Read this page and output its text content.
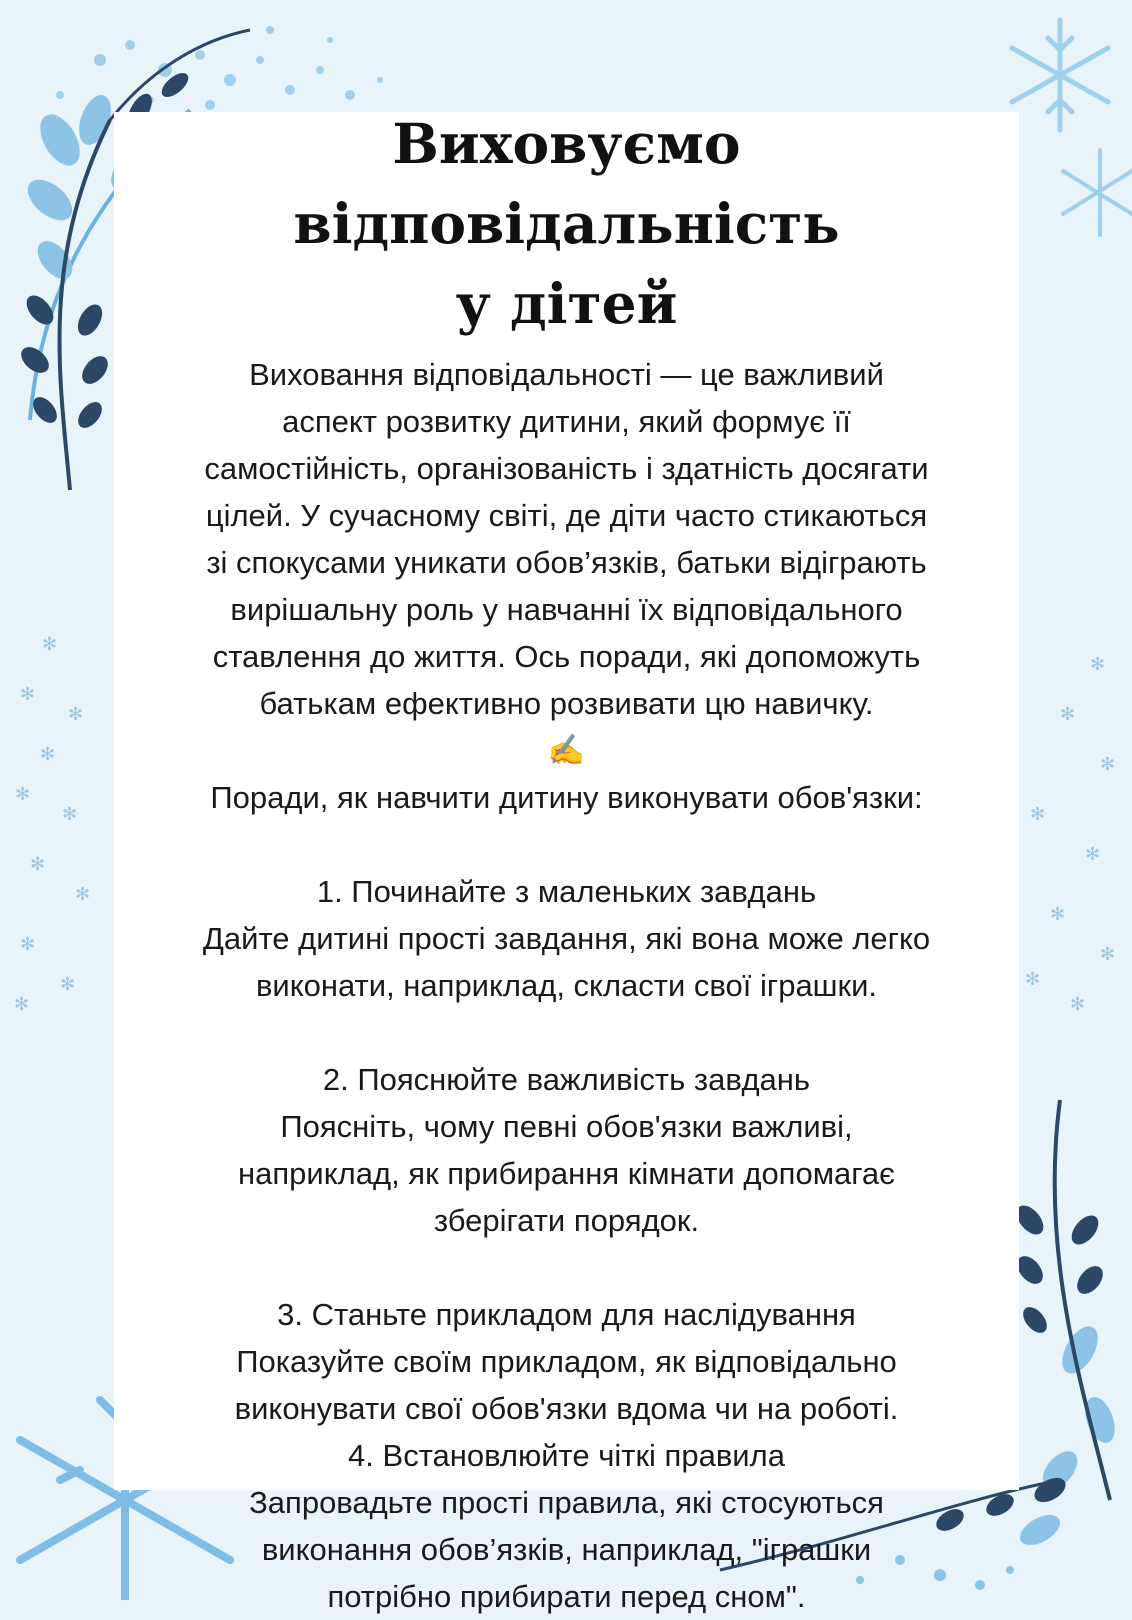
✻
✻
✻
✻
✻
✻
✻
✻
✻
✻
✻
✻
✻
✻
✻
✻
✻
✻
✻
✻
Виховуємо відповідальність
у дітей
Виховання відповідальності — це важливий
аспект розвитку дитини, який формує її
самостійність, організованість і здатність досягати
цілей. У сучасному світі, де діти часто стикаються
зі спокусами уникати обов’язків, батьки відіграють
вирішальну роль у навчанні їх відповідального
ставлення до життя. Ось поради, які допоможуть
батькам ефективно розвивати цю навичку.
✍
Поради, як навчити дитину виконувати обов'язки:
1. Починайте з маленьких завдань
Дайте дитині прості завдання, які вона може легко
виконати, наприклад, скласти свої іграшки.
2. Пояснюйте важливість завдань
Поясніть, чому певні обов'язки важливі,
наприклад, як прибирання кімнати допомагає
зберігати порядок.
3. Станьте прикладом для наслідування
Показуйте своїм прикладом, як відповідально
виконувати свої обов'язки вдома чи на роботі.
4. Встановлюйте чіткі правила
Запровадьте прості правила, які стосуються
виконання обов’язків, наприклад, "іграшки
потрібно прибирати перед сном".
